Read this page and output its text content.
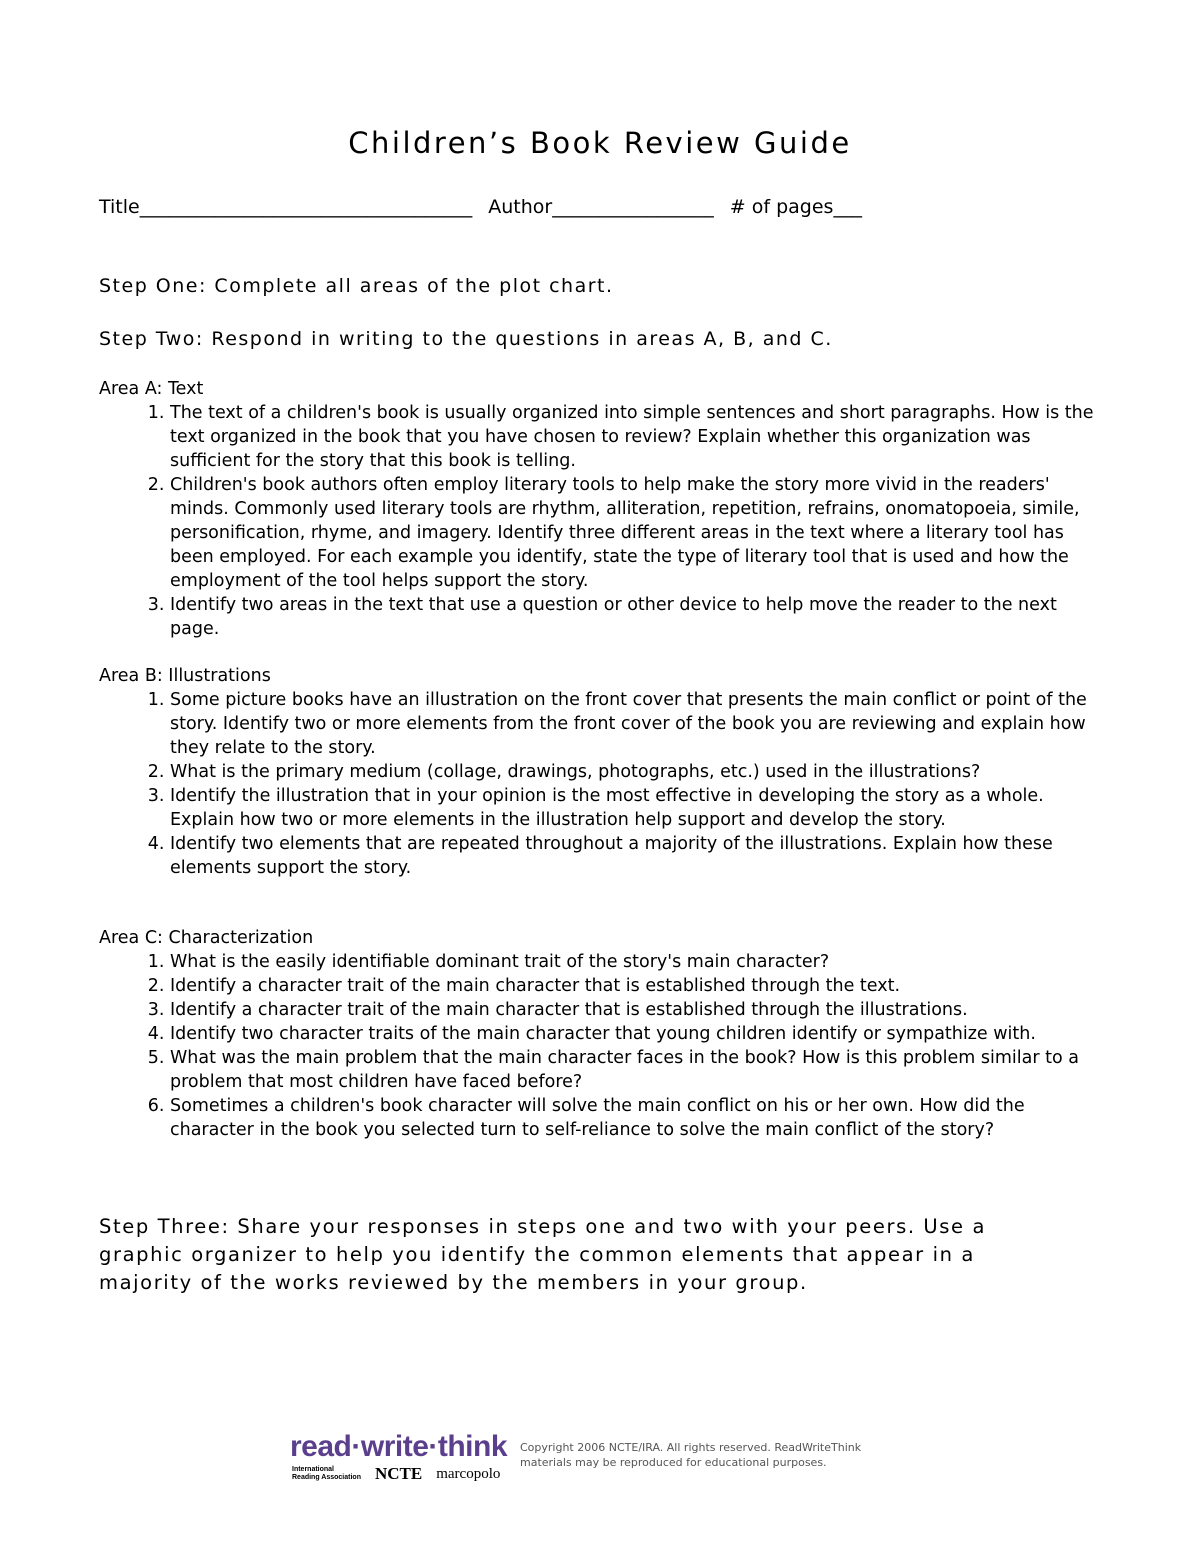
Children’s Book Review Guide
Title___________________________________ Author_________________ # of pages___

Step One: Complete all areas of the plot chart.

Step Two: Respond in writing to the questions in areas A, B, and C.

Area A: Text

1. The text of a children's book is usually organized into simple sentences and short paragraphs. How is the text organized in the book that you have chosen to review? Explain whether this organization was sufficient for the story that this book is telling.
2. Children's book authors often employ literary tools to help make the story more vivid in the readers' minds. Commonly used literary tools are rhythm, alliteration, repetition, refrains, onomatopoeia, simile, personification, rhyme, and imagery. Identify three different areas in the text where a literary tool has been employed. For each example you identify, state the type of literary tool that is used and how the employment of the tool helps support the story.
3. Identify two areas in the text that use a question or other device to help move the reader to the next page.

Area B: Illustrations

1. Some picture books have an illustration on the front cover that presents the main conflict or point of the story. Identify two or more elements from the front cover of the book you are reviewing and explain how they relate to the story.
2. What is the primary medium (collage, drawings, photographs, etc.) used in the illustrations?
3. Identify the illustration that in your opinion is the most effective in developing the story as a whole. Explain how two or more elements in the illustration help support and develop the story.
4. Identify two elements that are repeated throughout a majority of the illustrations. Explain how these elements support the story.

Area C: Characterization

1. What is the easily identifiable dominant trait of the story's main character?
2. Identify a character trait of the main character that is established through the text.
3. Identify a character trait of the main character that is established through the illustrations.
4. Identify two character traits of the main character that young children identify or sympathize with.
5. What was the main problem that the main character faces in the book? How is this problem similar to a problem that most children have faced before?
6. Sometimes a children's book character will solve the main conflict on his or her own. How did the character in the book you selected turn to self-reliance to solve the main conflict of the story?

Step Three: Share your responses in steps one and two with your peers. Use a graphic organizer to help you identify the common elements that appear in a majority of the works reviewed by the members in your group.

read·write·think
International
Reading Association NCTE marcopolo
Copyright 2006 NCTE/IRA. All rights reserved. ReadWriteThink
materials may be reproduced for educational purposes.
